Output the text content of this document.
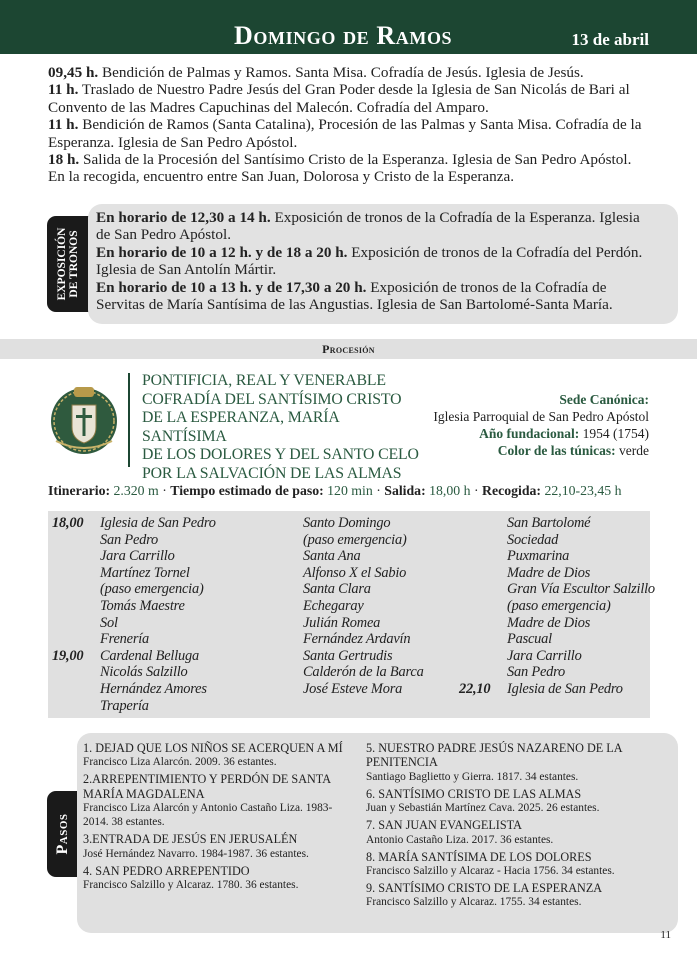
Domingo de Ramos	13 de abril

09,45 h. Bendición de Palmas y Ramos. Santa Misa. Cofradía de Jesús. Iglesia de Jesús.

11 h. Traslado de Nuestro Padre Jesús del Gran Poder desde la Iglesia de San Nicolás de Bari al Convento de las Madres Capuchinas del Malecón. Cofradía del Amparo.

11 h. Bendición de Ramos (Santa Catalina), Procesión de las Palmas y Santa Misa. Cofradía de la Esperanza. Iglesia de San Pedro Apóstol.

18 h. Salida de la Procesión del Santísimo Cristo de la Esperanza. Iglesia de San Pedro Apóstol. En la recogida, encuentro entre San Juan, Dolorosa y Cristo de la Esperanza.

EXPOSICIÓN
DE TRONOS

En horario de 12,30 a 14 h. Exposición de tronos de la Cofradía de la Esperanza. Iglesia de San Pedro Apóstol.

En horario de 10 a 12 h. y de 18 a 20 h. Exposición de tronos de la Cofradía del Perdón. Iglesia de San Antolín Mártir.

En horario de 10 a 13 h. y de 17,30 a 20 h. Exposición de tronos de la Cofradía de Servitas de María Santísima de las Angustias. Iglesia de San Bartolomé-Santa María.

Procesión
PONTIFICIA, REAL Y VENERABLE
COFRADÍA DEL SANTÍSIMO CRISTO
DE LA ESPERANZA, MARÍA SANTÍSIMA
DE LOS DOLORES Y DEL SANTO CELO
POR LA SALVACIÓN DE LAS ALMAS
Sede Canónica:
Iglesia Parroquial de San Pedro Apóstol
Año fundacional: 1954 (1754)
Color de las túnicas: verde
Itinerario: 2.320 m · Tiempo estimado de paso: 120 min · Salida: 18,00 h · Recogida: 22,10-23,45 h
18,00 Iglesia de San Pedro
San Pedro
Jara Carrillo
Martínez Tornel
(paso emergencia)
Tomás Maestre
Sol
Frenería
19,00 Cardenal Belluga
Nicolás Salzillo
Hernández Amores
Trapería
Santo Domingo
(paso emergencia)
Santa Ana
Alfonso X el Sabio
Santa Clara
Echegaray
Julián Romea
Fernández Ardavín
Santa Gertrudis
Calderón de la Barca
José Esteve Mora
San Bartolomé
Sociedad
Puxmarina
Madre de Dios
Gran Vía Escultor Salzillo
(paso emergencia)
Madre de Dios
Pascual
Jara Carrillo
San Pedro
22,10 Iglesia de San Pedro
Pasos
1. DEJAD QUE LOS NIÑOS SE ACERQUEN A MÍ
Francisco Liza Alarcón. 2009. 36 estantes.
2.ARREPENTIMIENTO Y PERDÓN DE SANTA MARÍA MAGDALENA
Francisco Liza Alarcón y Antonio Castaño Liza. 1983-2014. 38 estantes.
3.ENTRADA DE JESÚS EN JERUSALÉN
José Hernández Navarro. 1984-1987. 36 estantes.
4. SAN PEDRO ARREPENTIDO
Francisco Salzillo y Alcaraz. 1780. 36 estantes.
5. NUESTRO PADRE JESÚS NAZARENO DE LA PENITENCIA
Santiago Baglietto y Gierra. 1817. 34 estantes.
6. SANTÍSIMO CRISTO DE LAS ALMAS
Juan y Sebastián Martínez Cava. 2025. 26 estantes.
7. SAN JUAN EVANGELISTA
Antonio Castaño Liza. 2017. 36 estantes.
8. MARÍA SANTÍSIMA DE LOS DOLORES
Francisco Salzillo y Alcaraz - Hacia 1756. 34 estantes.
9. SANTÍSIMO CRISTO DE LA ESPERANZA
Francisco Salzillo y Alcaraz. 1755. 34 estantes.
11
